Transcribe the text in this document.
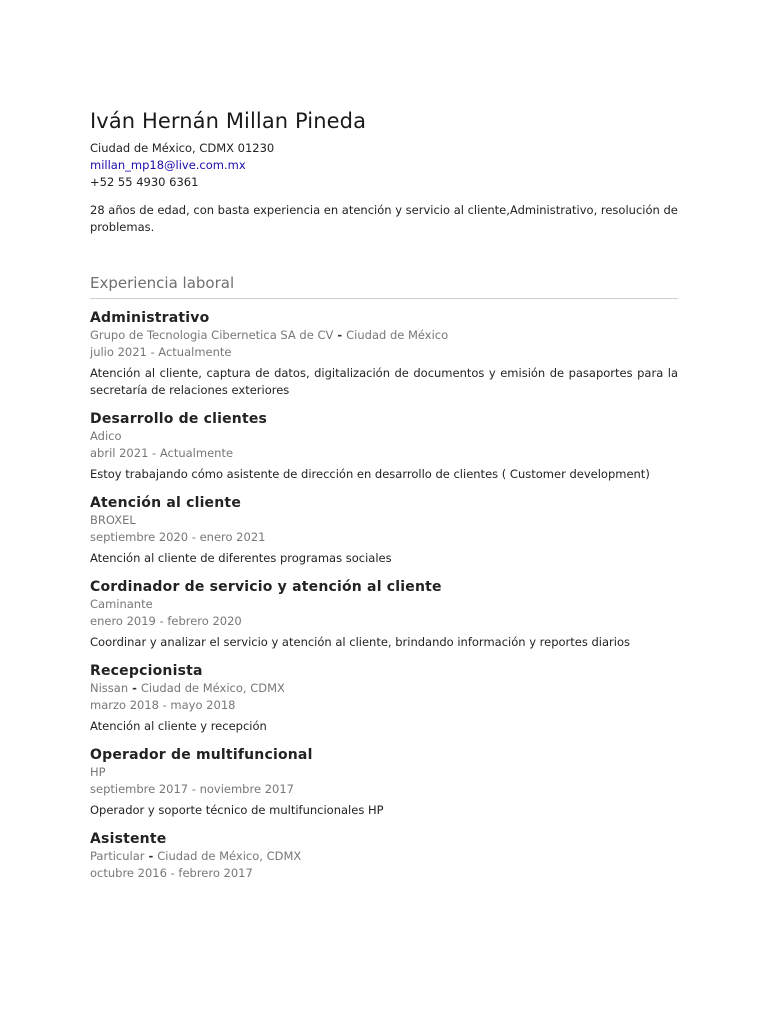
Iván Hernán Millan Pineda
Ciudad de México, CDMX 01230
millan_mp18@live.com.mx
+52 55 4930 6361
28 años de edad, con basta experiencia en atención y servicio al cliente,Administrativo, resolución de problemas.
Experiencia laboral
Administrativo
Grupo de Tecnologia Cibernetica SA de CV - Ciudad de México
julio 2021 - Actualmente
Atención al cliente, captura de datos, digitalización de documentos y emisión de pasaportes para la secretaría de relaciones exteriores
Desarrollo de clientes
Adico
abril 2021 - Actualmente
Estoy trabajando cómo asistente de dirección en desarrollo de clientes ( Customer development)
Atención al cliente
BROXEL
septiembre 2020 - enero 2021
Atención al cliente de diferentes programas sociales
Cordinador de servicio y atención al cliente
Caminante
enero 2019 - febrero 2020
Coordinar y analizar el servicio y atención al cliente, brindando información y reportes diarios
Recepcionista
Nissan - Ciudad de México, CDMX
marzo 2018 - mayo 2018
Atención al cliente y recepción
Operador de multifuncional
HP
septiembre 2017 - noviembre 2017
Operador y soporte técnico de multifuncionales HP
Asistente
Particular - Ciudad de México, CDMX
octubre 2016 - febrero 2017
